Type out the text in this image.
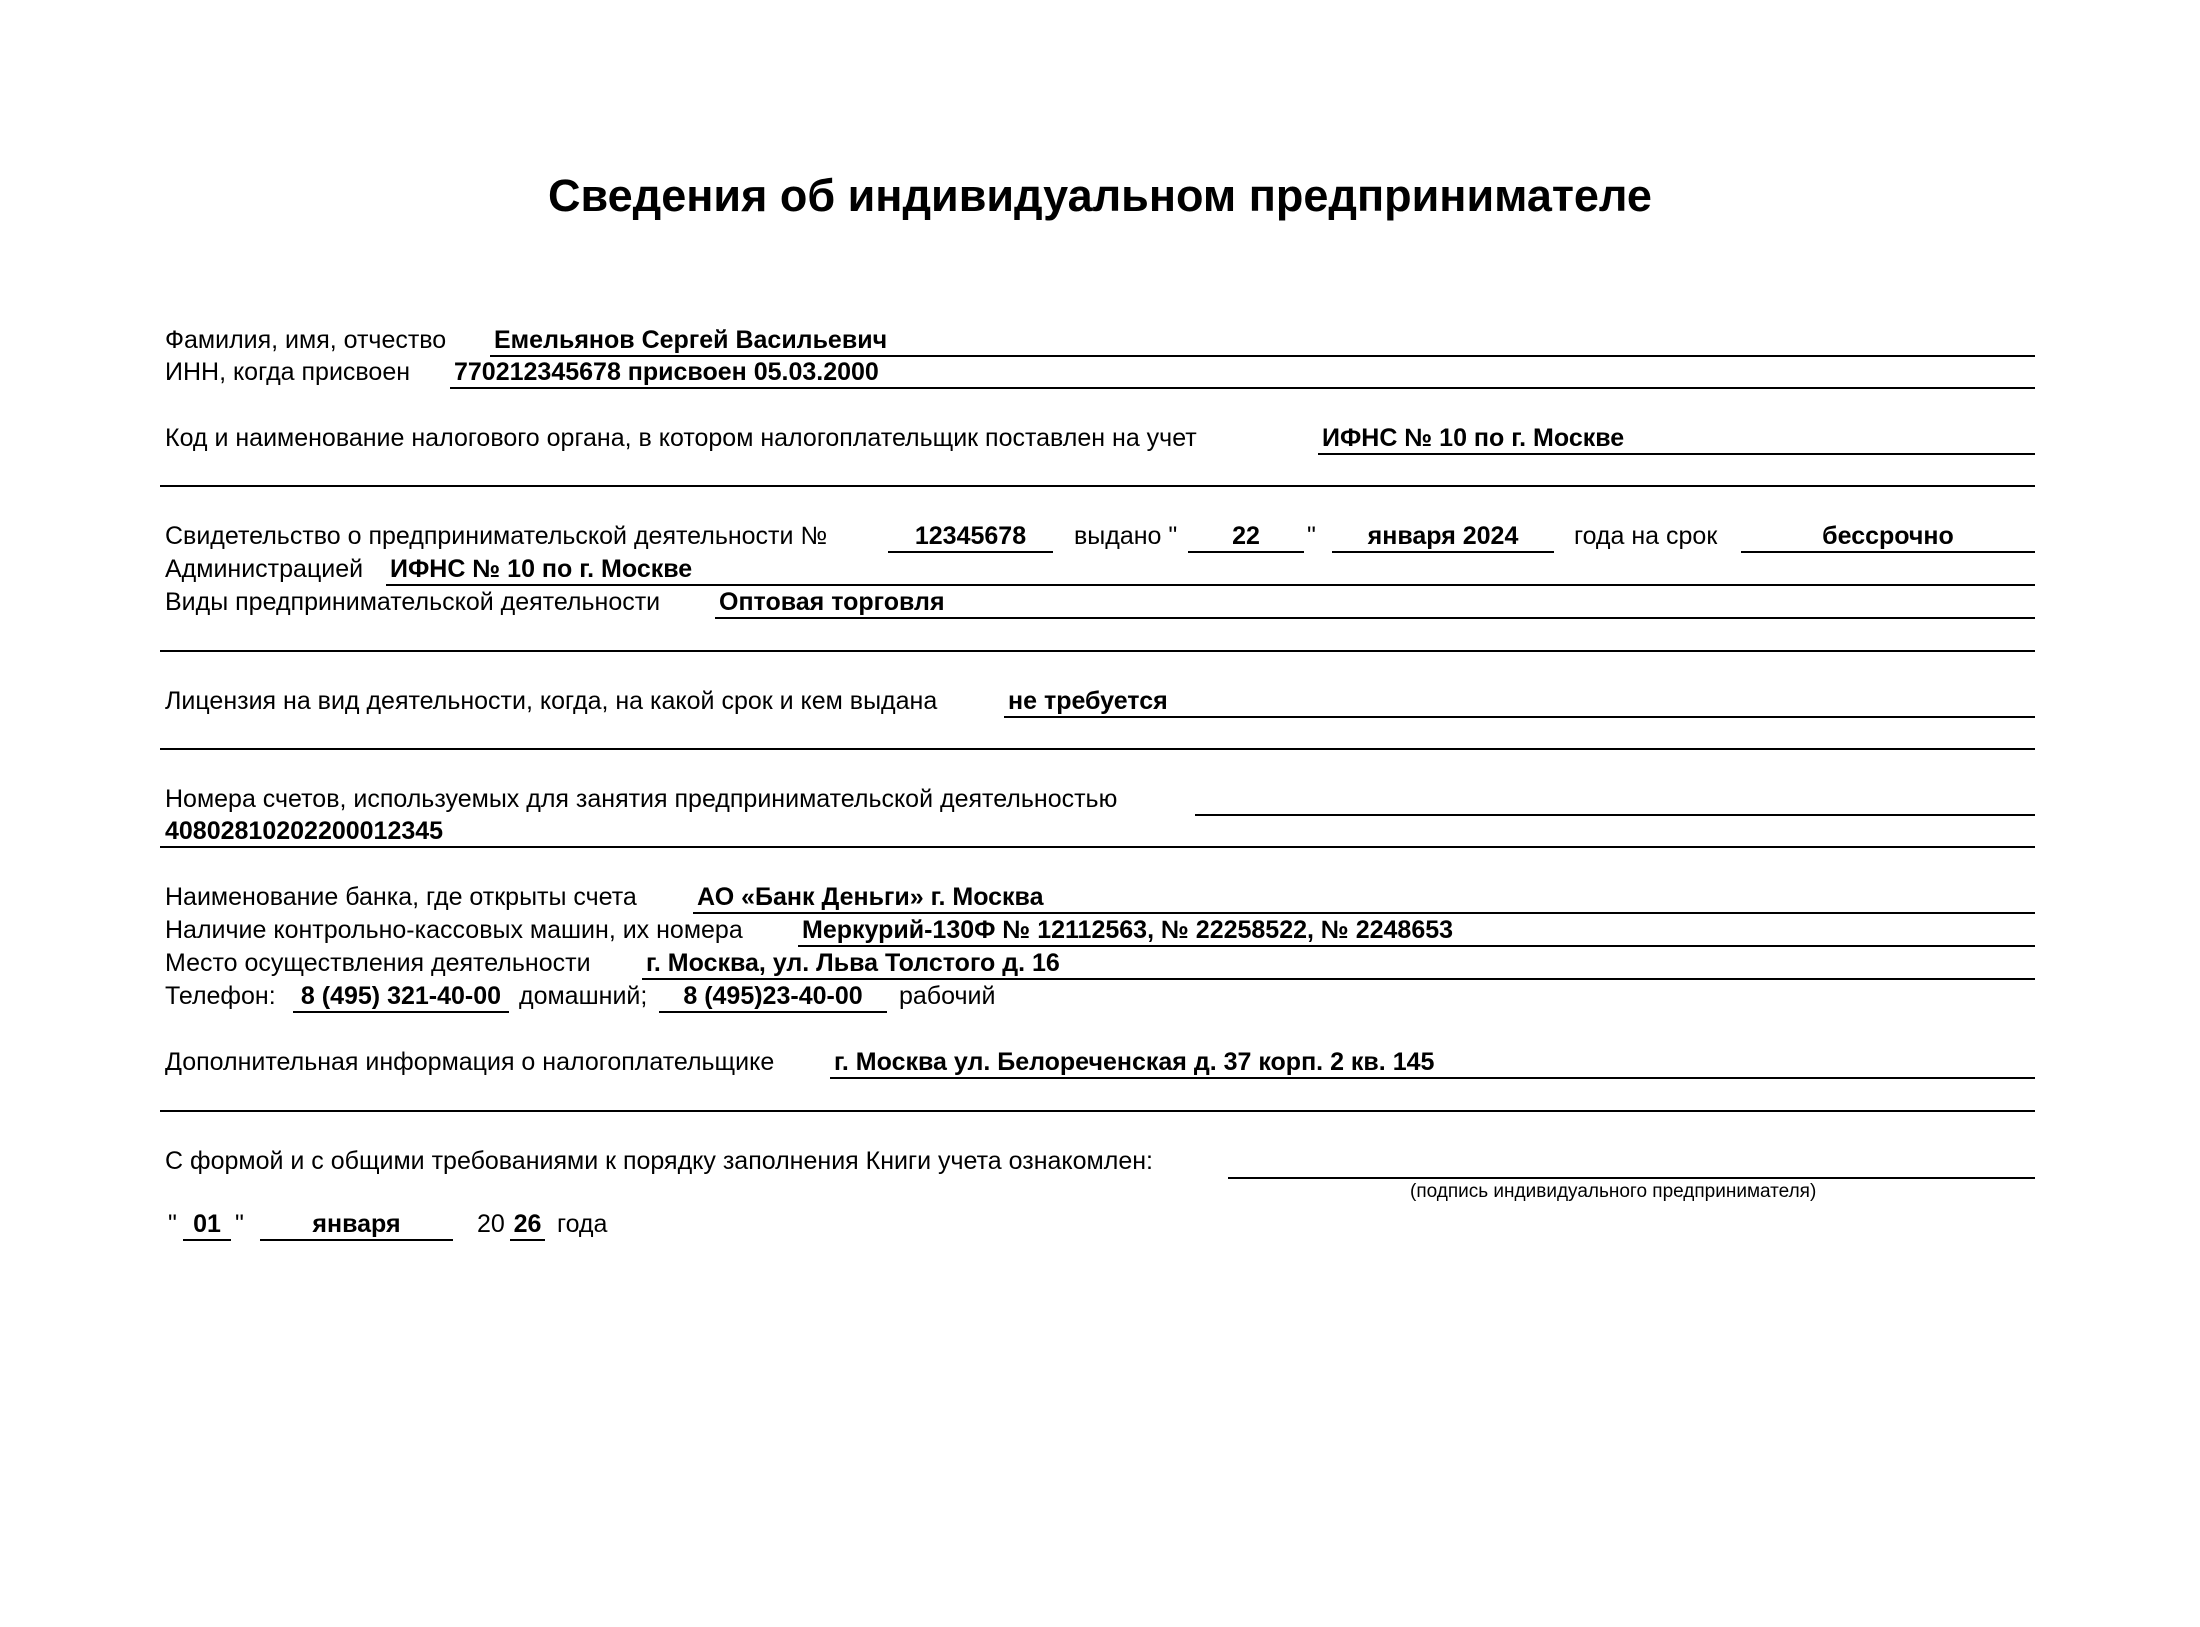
Сведения об индивидуальном предпринимателе
Фамилия, имя, отчество Емельянов Сергей Васильевич
ИНН, когда присвоен 770212345678 присвоен 05.03.2000
Код и наименование налогового органа, в котором налогоплательщик поставлен на учет	ИФНС № 10 по г. Москве
Свидетельство о предпринимательской деятельности №	12345678	выдано "	22	"	января 2024	года на срок	бессрочно
Администрацией ИФНС № 10 по г. Москве
Виды предпринимательской деятельности Оптовая торговля
Лицензия на вид деятельности, когда, на какой срок и кем выдана	не требуется
Номера счетов, используемых для занятия предпринимательской деятельностью
40802810202200012345
Наименование банка, где открыты счета АО «Банк Деньги» г. Москва
Наличие контрольно-кассовых машин, их номера Меркурий-130Ф № 12112563, № 22258522, № 2248653
Место осуществления деятельности г. Москва, ул. Льва Толстого д. 16
Телефон:	8 (495) 321-40-00 домашний;	8 (495)23-40-00	рабочий
Дополнительная информация о налогоплательщике г. Москва ул. Белореченская д. 37 корп. 2 кв. 145
С формой и с общими требованиями к порядку заполнения Книги учета ознакомлен:
(подпись индивидуального предпринимателя)
" 01 "	января	20 26 года
